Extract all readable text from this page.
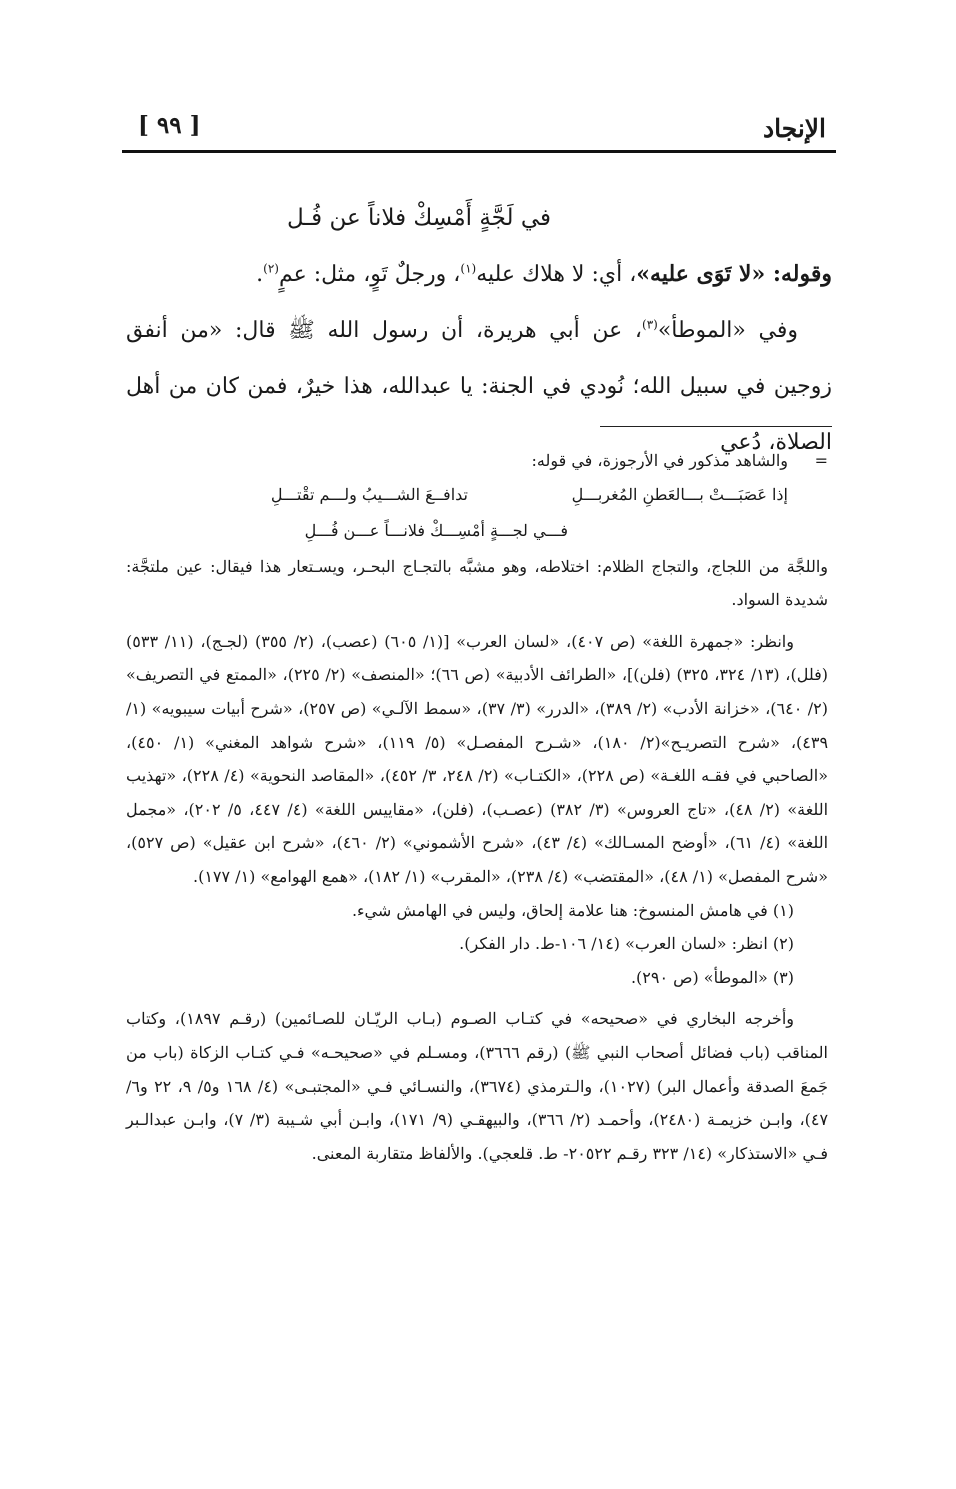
الإنجاد
[ ٩٩ ]

في لَجَّةٍ أَمْسِكْ فلاناً عن فُـل

وقوله: «لا تَوَى عليه»، أي: لا هلاك عليه$^{(١)}$، ورجلٌ تَوٍ، مثل: عمٍ$^{(٢)}$.

وفي «الموطأ»$^{(٣)}$، عن أبي هريرة، أن رسول الله ﷺ قال: «من أنفق زوجين في سبيل الله؛ نُودي في الجنة: يا عبدالله، هذا خيرٌ، فمن كان من أهل الصلاة، دُعي

=
والشاهد مذكور في الأرجوزة، في قوله:

إذا عَصَبَـــتْ بـــالعَطنِ المُغربـــلِ
تدافــعَ الشـــيبُ ولـــم تقْتـــلِ
فـــي لجـــةٍ أمْسِـــكْ فلانـــاً عـــن فُـــلِ

واللجَّة من اللجاج، والتجاج الظلام: اختلاطه، وهو مشبَّه بالتجـاج البحـر، ويسـتعار هذا فيقال: عين ملتجَّة: شديدة السواد.

وانظر: «جمهرة اللغة» (ص ٤٠٧)، «لسان العرب» [(١/ ٦٠٥) (عصب)، (٢/ ٣٥٥) (لجـج)، (١١/ ٥٣٣) (فلل)، (١٣/ ٣٢٤، ٣٢٥) (فلن)]، «الطرائف الأدبية» (ص ٦٦)؛ «المنصف» (٢/ ٢٢٥)، «الممتع في التصريف» (٢/ ٦٤٠)، «خزانة الأدب» (٢/ ٣٨٩)، «الدرر» (٣/ ٣٧)، «سمط الآلـي» (ص ٢٥٧)، «شرح أبيات سيبويه» (١/ ٤٣٩)، «شرح التصريـح»(٢/ ١٨٠)، «شـرح المفصـل» (٥/ ١١٩)، «شرح شواهد المغني» (١/ ٤٥٠)، «الصاحبي في فقـه اللغـة» (ص ٢٢٨)، «الكتـاب» (٢/ ٢٤٨، ٣/ ٤٥٢)، «المقاصد النحوية» (٤/ ٢٢٨)، «تهذيب اللغة» (٢/ ٤٨)، «تاج العروس» (٣/ ٣٨٢) (عصـب)، (فلن)، «مقاييس اللغة» (٤/ ٤٤٧، ٥/ ٢٠٢)، «مجمل اللغة» (٤/ ٦١)، «أوضح المسـالك» (٤/ ٤٣)، «شرح الأشموني» (٢/ ٤٦٠)، «شرح ابن عقيل» (ص ٥٢٧)، «شرح المفصل» (١/ ٤٨)، «المقتضب» (٤/ ٢٣٨)، «المقرب» (١/ ١٨٢)، «همع الهوامع» (١/ ١٧٧).

(١) في هامش المنسوخ: هنا علامة إلحاق، وليس في الهامش شيء.

(٢) انظر: «لسان العرب» (١٤/ ١٠٦-ط. دار الفكر).

(٣) «الموطأ» (ص ٢٩٠).

وأخرجه البخاري في «صحيحه» في كتـاب الصـوم (بـاب الريّـان للصـائمين) (رقـم ١٨٩٧)، وكتاب المناقب (باب فضائل أصحاب النبي ﷺ) (رقم ٣٦٦٦)، ومسـلم في «صحيحـه» فـي كتـاب الزكاة (باب من جَمعَ الصدقة وأعمال البر) (١٠٢٧)، والـترمذي (٣٦٧٤)، والنسـائي فـي «المجتبـى» (٤/ ١٦٨ و٥/ ٩، ٢٢ و٦/ ٤٧)، وابـن خزيمـة (٢٤٨٠)، وأحمـد (٢/ ٣٦٦)، والبيهقـي (٩/ ١٧١)، وابـن أبي شـيبة (٣/ ٧)، وابـن عبدالـبر فـي «الاستذكار» (١٤/ ٣٢٣ رقـم ٢٠٥٢٢- ط. قلعجي). والألفاظ متقاربة المعنى.
